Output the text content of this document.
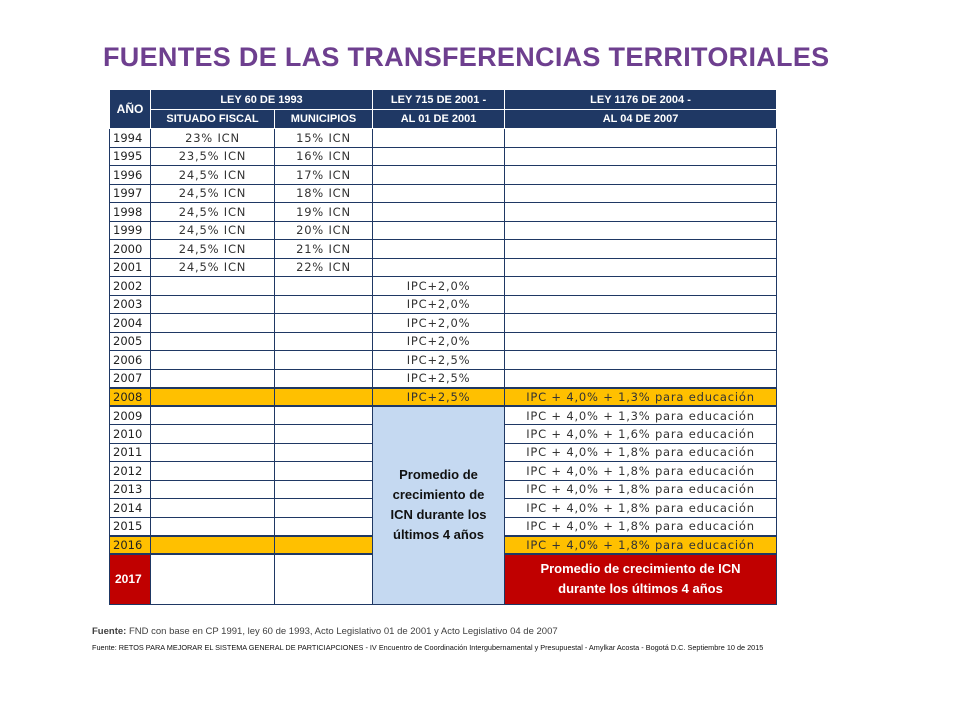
FUENTES DE LAS TRANSFERENCIAS TERRITORIALES
AÑO	LEY 60 DE 1993		LEY 715 DE 2001 -	LEY 1176 DE 2004 -
	SITUADO FISCAL	MUNICIPIOS	AL 01 DE 2001	AL 04 DE 2007
1994	23% ICN	15% ICN		
1995	23,5% ICN	16% ICN		
1996	24,5% ICN	17% ICN		
1997	24,5% ICN	18% ICN		
1998	24,5% ICN	19% ICN		
1999	24,5% ICN	20% ICN		
2000	24,5% ICN	21% ICN		
2001	24,5% ICN	22% ICN		
2002			IPC+2,0%	
2003			IPC+2,0%	
2004			IPC+2,0%	
2005			IPC+2,0%	
2006			IPC+2,5%	
2007			IPC+2,5%	
2008			IPC+2,5%	IPC + 4,0% + 1,3% para educación
2009			Promedio de crecimiento de ICN durante los últimos 4 años	IPC + 4,0% + 1,3% para educación
2010				IPC + 4,0% + 1,6% para educación
2011				IPC + 4,0% + 1,8% para educación
2012				IPC + 4,0% + 1,8% para educación
2013				IPC + 4,0% + 1,8% para educación
2014				IPC + 4,0% + 1,8% para educación
2015				IPC + 4,0% + 1,8% para educación
2016				IPC + 4,0% + 1,8% para educación
2017				Promedio de crecimiento de ICN durante los últimos 4 años
Fuente: FND con base en CP 1991, ley 60 de 1993, Acto Legislativo 01 de 2001 y Acto Legislativo 04 de 2007
Fuente: RETOS PARA MEJORAR EL SISTEMA GENERAL DE PARTICIAPCIONES - IV Encuentro de Coordinación Intergubernamental y Presupuestal - Amylkar Acosta - Bogotá D.C. Septiembre 10 de 2015
